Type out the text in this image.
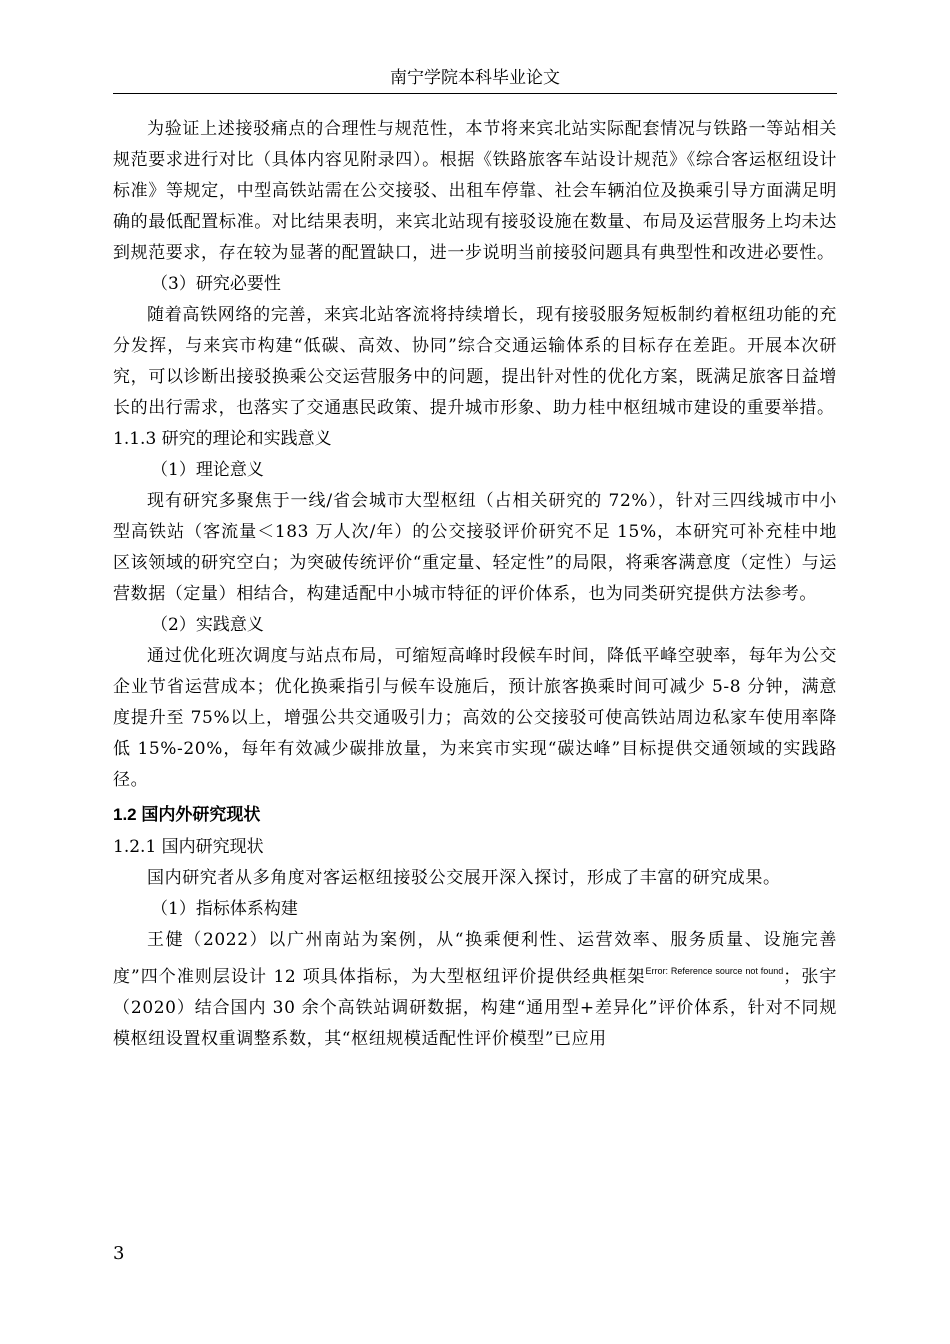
南宁学院本科毕业论文

为验证上述接驳痛点的合理性与规范性，本节将来宾北站实际配套情况与铁路一等站相关规范要求进行对比（具体内容见附录四）。根据《铁路旅客车站设计规范》《综合客运枢纽设计标准》等规定，中型高铁站需在公交接驳、出租车停靠、社会车辆泊位及换乘引导方面满足明确的最低配置标准。对比结果表明，来宾北站现有接驳设施在数量、布局及运营服务上均未达到规范要求，存在较为显著的配置缺口，进一步说明当前接驳问题具有典型性和改进必要性。

（3）研究必要性

随着高铁网络的完善，来宾北站客流将持续增长，现有接驳服务短板制约着枢纽功能的充分发挥，与来宾市构建“低碳、高效、协同”综合交通运输体系的目标存在差距。开展本次研究，可以诊断出接驳换乘公交运营服务中的问题，提出针对性的优化方案，既满足旅客日益增长的出行需求，也落实了交通惠民政策、提升城市形象、助力桂中枢纽城市建设的重要举措。

1.1.3 研究的理论和实践意义

（1）理论意义

现有研究多聚焦于一线/省会城市大型枢纽（占相关研究的 72%），针对三四线城市中小型高铁站（客流量＜183 万人次/年）的公交接驳评价研究不足 15%，本研究可补充桂中地区该领域的研究空白；为突破传统评价“重定量、轻定性”的局限，将乘客满意度（定性）与运营数据（定量）相结合，构建适配中小城市特征的评价体系，也为同类研究提供方法参考。

（2）实践意义

通过优化班次调度与站点布局，可缩短高峰时段候车时间，降低平峰空驶率，每年为公交企业节省运营成本；优化换乘指引与候车设施后，预计旅客换乘时间可减少 5-8 分钟，满意度提升至 75%以上，增强公共交通吸引力；高效的公交接驳可使高铁站周边私家车使用率降低 15%-20%，每年有效减少碳排放量，为来宾市实现“碳达峰”目标提供交通领域的实践路径。

1.2 国内外研究现状

1.2.1 国内研究现状

国内研究者从多角度对客运枢纽接驳公交展开深入探讨，形成了丰富的研究成果。

（1）指标体系构建

王健（2022）以广州南站为案例，从“换乘便利性、运营效率、服务质量、设施完善度”四个准则层设计 12 项具体指标，为大型枢纽评价提供经典框架$^{Error: Reference source not found}$；张宇（2020）结合国内 30 余个高铁站调研数据，构建“通用型+差异化”评价体系，针对不同规模枢纽设置权重调整系数，其“枢纽规模适配性评价模型”已应用

3
